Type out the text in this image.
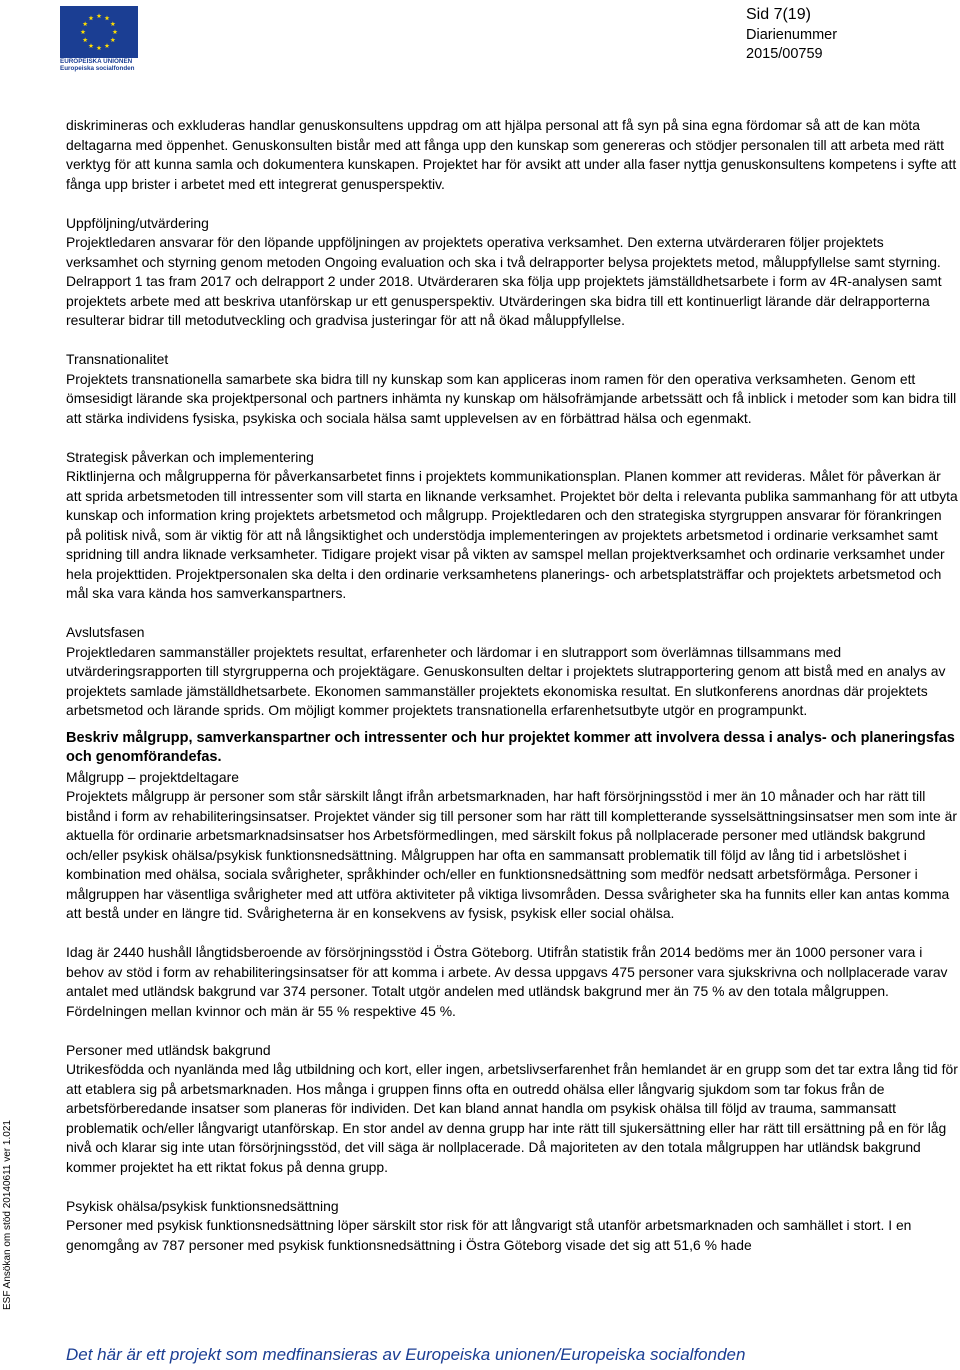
EUROPEISKA UNIONEN
Europeiska socialfonden
Sid 7(19)
Diarienummer
2015/00759

diskrimineras och exkluderas handlar genuskonsultens uppdrag om att hjälpa personal att få syn på sina egna fördomar så att de kan möta deltagarna med öppenhet. Genuskonsulten bistår med att fånga upp den kunskap som genereras och stödjer personalen till att arbeta med rätt verktyg för att kunna samla och dokumentera kunskapen. Projektet har för avsikt att under alla faser nyttja genuskonsultens kompetens i syfte att fånga upp brister i arbetet med ett integrerat genusperspektiv.

Uppföljning/utvärdering

Projektledaren ansvarar för den löpande uppföljningen av projektets operativa verksamhet. Den externa utvärderaren följer projektets verksamhet och styrning genom metoden Ongoing evaluation och ska i två delrapporter belysa projektets metod, måluppfyllelse samt styrning. Delrapport 1 tas fram 2017 och delrapport 2 under 2018. Utvärderaren ska följa upp projektets jämställdhetsarbete i form av 4R-analysen samt projektets arbete med att beskriva utanförskap ur ett genusperspektiv. Utvärderingen ska bidra till ett kontinuerligt lärande där delrapporterna resulterar bidrar till metodutveckling och gradvisa justeringar för att nå ökad måluppfyllelse.

Transnationalitet

Projektets transnationella samarbete ska bidra till ny kunskap som kan appliceras inom ramen för den operativa verksamheten. Genom ett ömsesidigt lärande ska projektpersonal och partners inhämta ny kunskap om hälsofrämjande arbetssätt och få inblick i metoder som kan bidra till att stärka individens fysiska, psykiska och sociala hälsa samt upplevelsen av en förbättrad hälsa och egenmakt.

Strategisk påverkan och implementering

Riktlinjerna och målgrupperna för påverkansarbetet finns i projektets kommunikationsplan. Planen kommer att revideras. Målet för påverkan är att sprida arbetsmetoden till intressenter som vill starta en liknande verksamhet. Projektet bör delta i relevanta publika sammanhang för att utbyta kunskap och information kring projektets arbetsmetod och målgrupp. Projektledaren och den strategiska styrgruppen ansvarar för förankringen på politisk nivå, som är viktig för att nå långsiktighet och understödja implementeringen av projektets arbetsmetod i ordinarie verksamhet samt spridning till andra liknade verksamheter. Tidigare projekt visar på vikten av samspel mellan projektverksamhet och ordinarie verksamhet under hela projekttiden. Projektpersonalen ska delta i den ordinarie verksamhetens planerings- och arbetsplatsträffar och projektets arbetsmetod och mål ska vara kända hos samverkanspartners.

Avslutsfasen

Projektledaren sammanställer projektets resultat, erfarenheter och lärdomar i en slutrapport som överlämnas tillsammans med utvärderingsrapporten till styrgrupperna och projektägare. Genuskonsulten deltar i projektets slutrapportering genom att bistå med en analys av projektets samlade jämställdhetsarbete. Ekonomen sammanställer projektets ekonomiska resultat. En slutkonferens anordnas där projektets arbetsmetod och lärande sprids. Om möjligt kommer projektets transnationella erfarenhetsutbyte utgör en programpunkt.

Beskriv målgrupp, samverkanspartner och intressenter och hur projektet kommer att involvera dessa i analys- och planeringsfas och genomförandefas.

Målgrupp – projektdeltagare

Projektets målgrupp är personer som står särskilt långt ifrån arbetsmarknaden, har haft försörjningsstöd i mer än 10 månader och har rätt till bistånd i form av rehabiliteringsinsatser. Projektet vänder sig till personer som har rätt till kompletterande sysselsättningsinsatser men som inte är aktuella för ordinarie arbetsmarknadsinsatser hos Arbetsförmedlingen, med särskilt fokus på nollplacerade personer med utländsk bakgrund och/eller psykisk ohälsa/psykisk funktionsnedsättning. Målgruppen har ofta en sammansatt problematik till följd av lång tid i arbetslöshet i kombination med ohälsa, sociala svårigheter, språkhinder och/eller en funktionsnedsättning som medför nedsatt arbetsförmåga. Personer i målgruppen har väsentliga svårigheter med att utföra aktiviteter på viktiga livsområden. Dessa svårigheter ska ha funnits eller kan antas komma att bestå under en längre tid. Svårigheterna är en konsekvens av fysisk, psykisk eller social ohälsa.

Idag är 2440 hushåll långtidsberoende av försörjningsstöd i Östra Göteborg. Utifrån statistik från 2014 bedöms mer än 1000 personer vara i behov av stöd i form av rehabiliteringsinsatser för att komma i arbete. Av dessa uppgavs 475 personer vara sjukskrivna och nollplacerade varav antalet med utländsk bakgrund var 374 personer. Totalt utgör andelen med utländsk bakgrund mer än 75 % av den totala målgruppen. Fördelningen mellan kvinnor och män är 55 % respektive 45 %.

Personer med utländsk bakgrund

Utrikesfödda och nyanlända med låg utbildning och kort, eller ingen, arbetslivserfarenhet från hemlandet är en grupp som det tar extra lång tid för att etablera sig på arbetsmarknaden. Hos många i gruppen finns ofta en outredd ohälsa eller långvarig sjukdom som tar fokus från de arbetsförberedande insatser som planeras för individen. Det kan bland annat handla om psykisk ohälsa till följd av trauma, sammansatt problematik och/eller långvarigt utanförskap. En stor andel av denna grupp har inte rätt till sjukersättning eller har rätt till ersättning på en för låg nivå och klarar sig inte utan försörjningsstöd, det vill säga är nollplacerade. Då majoriteten av den totala målgruppen har utländsk bakgrund kommer projektet ha ett riktat fokus på denna grupp.

Psykisk ohälsa/psykisk funktionsnedsättning

Personer med psykisk funktionsnedsättning löper särskilt stor risk för att långvarigt stå utanför arbetsmarknaden och samhället i stort. I en genomgång av 787 personer med psykisk funktionsnedsättning i Östra Göteborg visade det sig att 51,6 % hade

ESF Ansökan om stöd 20140611 ver 1.021
Det här är ett projekt som medfinansieras av Europeiska unionen/Europeiska socialfonden
